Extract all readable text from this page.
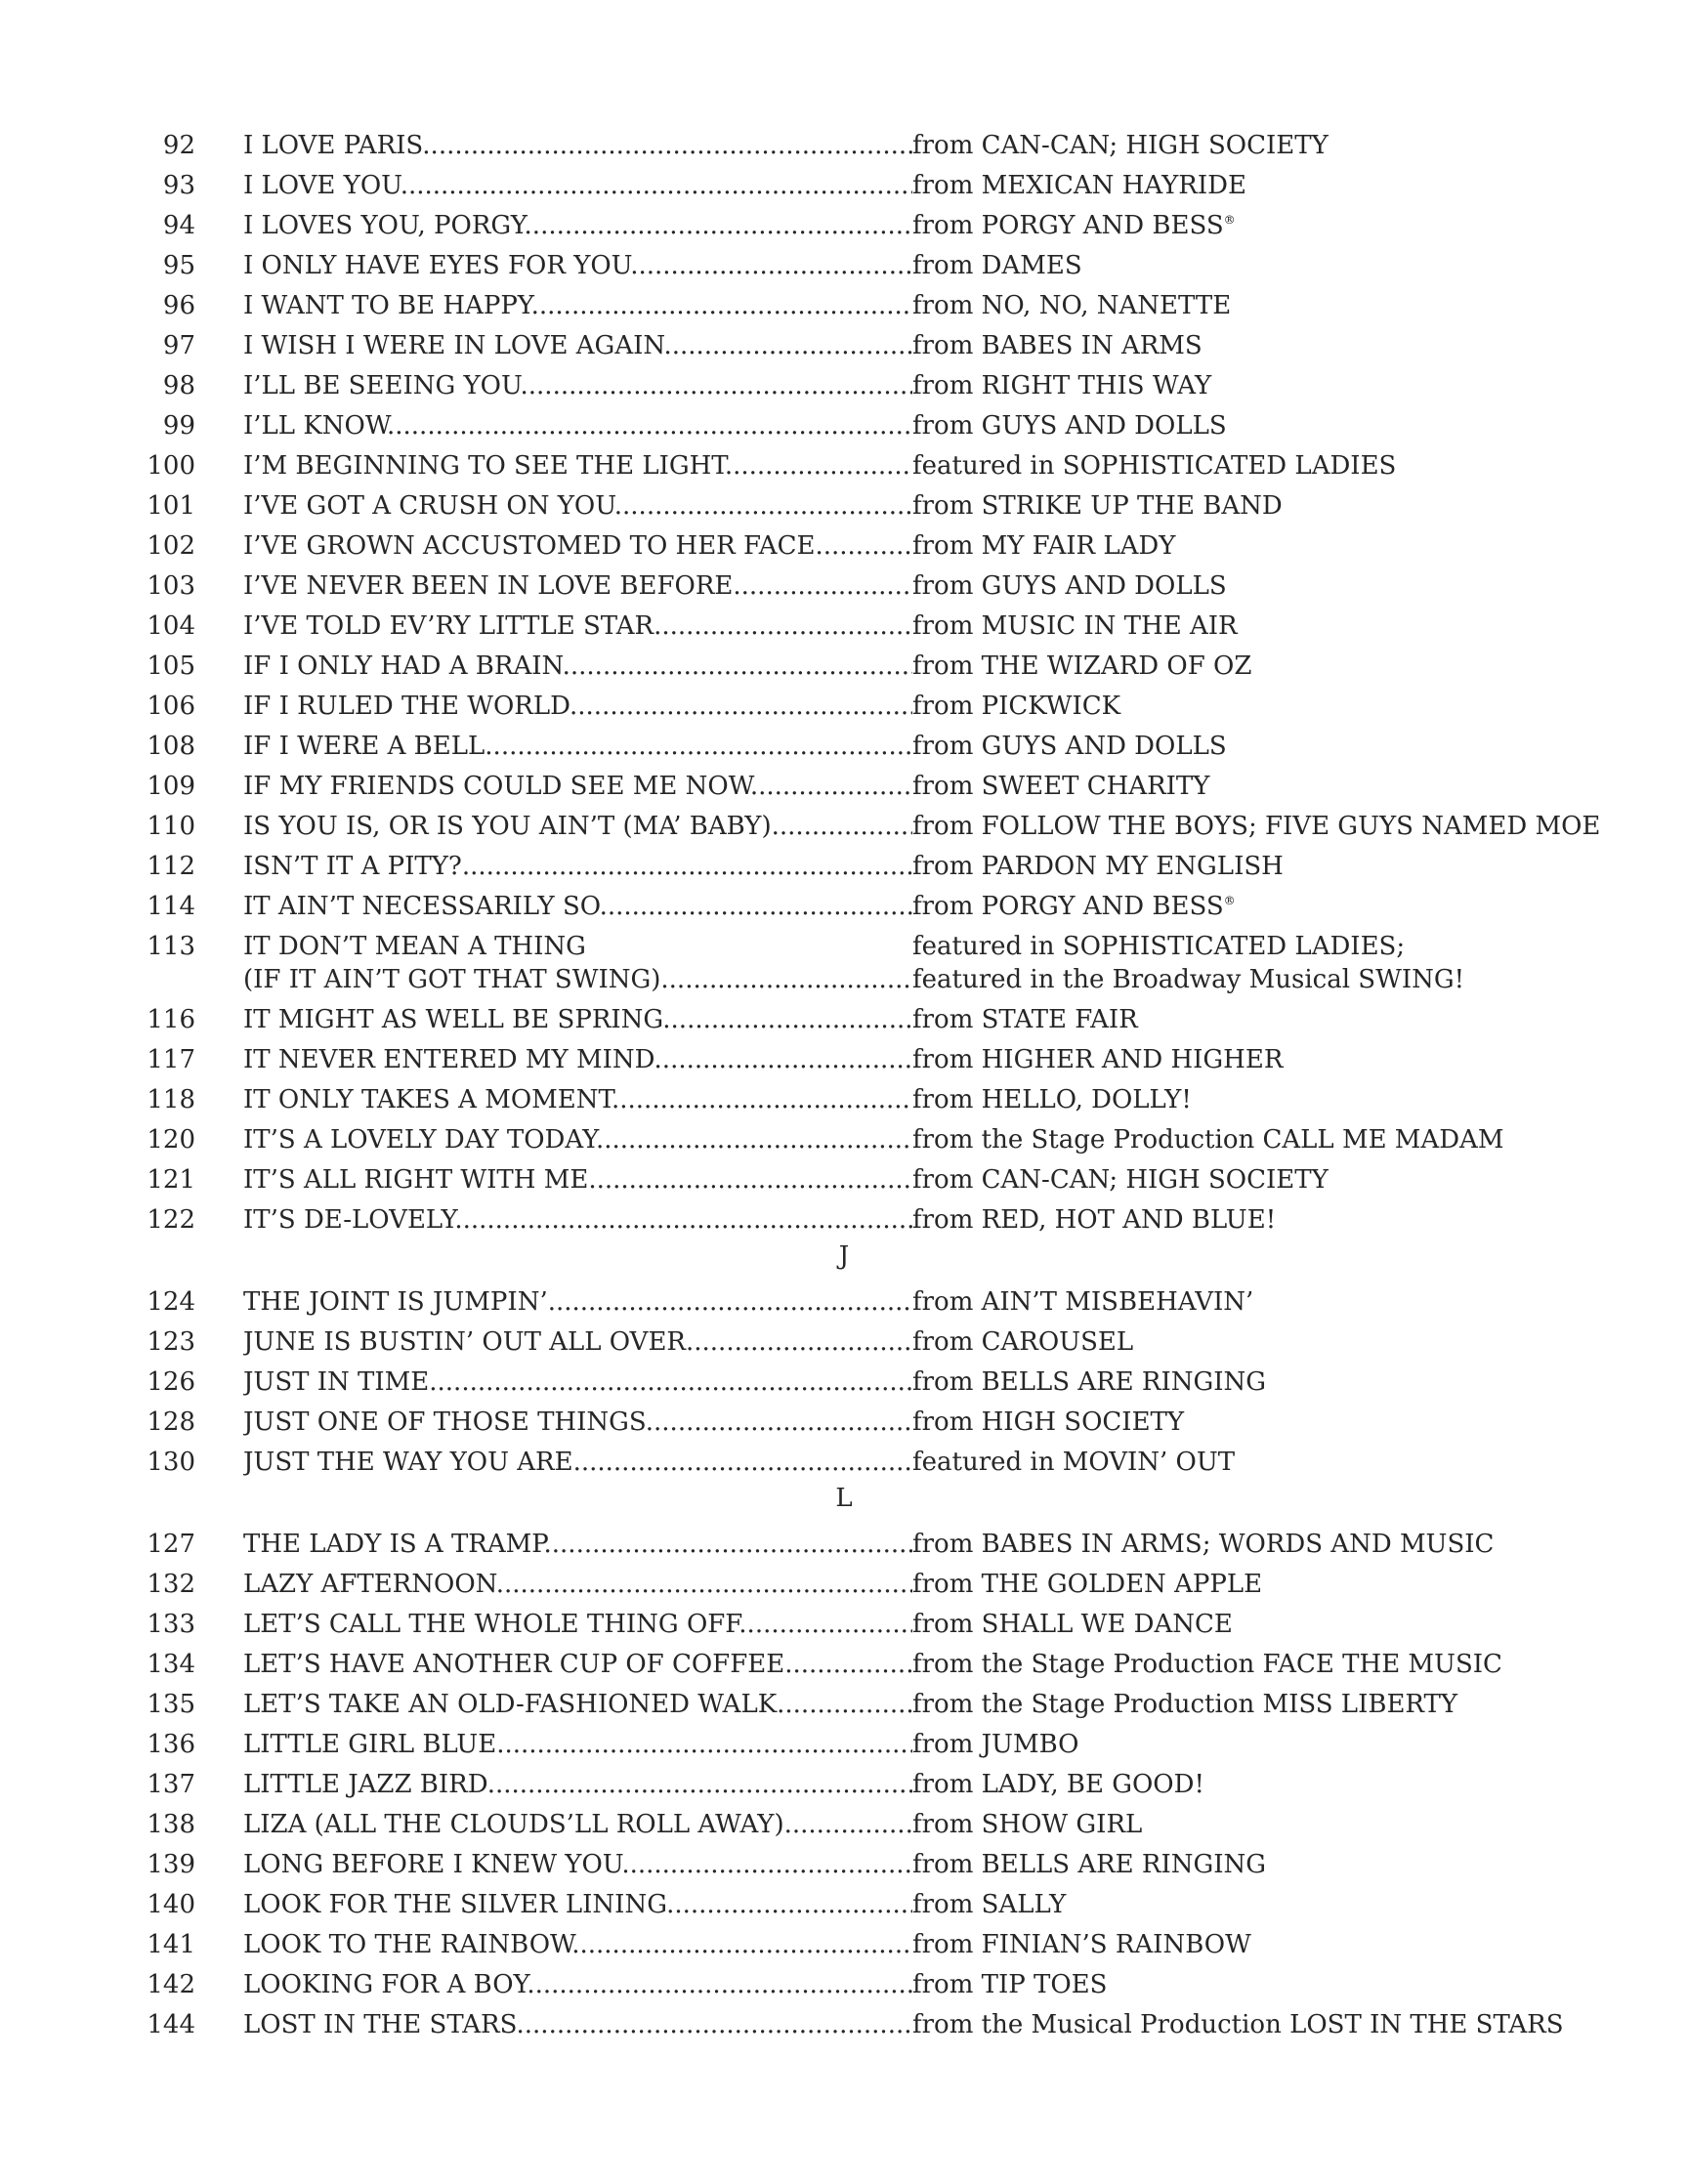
92 I LOVE PARIS .....	from CAN-CAN; HIGH SOCIETY
93 I LOVE YOU .....	from MEXICAN HAYRIDE
94 I LOVES YOU, PORGY .....	from PORGY AND BESS®
95 I ONLY HAVE EYES FOR YOU .....	from DAMES
96 I WANT TO BE HAPPY .....	from NO, NO, NANETTE
97 I WISH I WERE IN LOVE AGAIN .....	from BABES IN ARMS
98 I’LL BE SEEING YOU .....	from RIGHT THIS WAY
99 I’LL KNOW .....	from GUYS AND DOLLS
100 I’M BEGINNING TO SEE THE LIGHT .....	featured in SOPHISTICATED LADIES
101 I’VE GOT A CRUSH ON YOU .....	from STRIKE UP THE BAND
102 I’VE GROWN ACCUSTOMED TO HER FACE .....	from MY FAIR LADY
103 I’VE NEVER BEEN IN LOVE BEFORE .....	from GUYS AND DOLLS
104 I’VE TOLD EV’RY LITTLE STAR .....	from MUSIC IN THE AIR
105 IF I ONLY HAD A BRAIN .....	from THE WIZARD OF OZ
106 IF I RULED THE WORLD .....	from PICKWICK
108 IF I WERE A BELL .....	from GUYS AND DOLLS
109 IF MY FRIENDS COULD SEE ME NOW .....	from SWEET CHARITY
110 IS YOU IS, OR IS YOU AIN’T (MA’ BABY) .....	from FOLLOW THE BOYS; FIVE GUYS NAMED MOE
112 ISN’T IT A PITY? .....	from PARDON MY ENGLISH
114 IT AIN’T NECESSARILY SO .....	from PORGY AND BESS®
113 IT DON’T MEAN A THING	featured in SOPHISTICATED LADIES;
(IF IT AIN’T GOT THAT SWING) .....	featured in the Broadway Musical SWING!
116 IT MIGHT AS WELL BE SPRING .....	from STATE FAIR
117 IT NEVER ENTERED MY MIND .....	from HIGHER AND HIGHER
118 IT ONLY TAKES A MOMENT .....	from HELLO, DOLLY!
120 IT’S A LOVELY DAY TODAY .....	from the Stage Production CALL ME MADAM
121 IT’S ALL RIGHT WITH ME .....	from CAN-CAN; HIGH SOCIETY
122 IT’S DE-LOVELY .....	from RED, HOT AND BLUE!
J
124 THE JOINT IS JUMPIN’ .....	from AIN’T MISBEHAVIN’
123 JUNE IS BUSTIN’ OUT ALL OVER .....	from CAROUSEL
126 JUST IN TIME .....	from BELLS ARE RINGING
128 JUST ONE OF THOSE THINGS .....	from HIGH SOCIETY
130 JUST THE WAY YOU ARE .....	featured in MOVIN’ OUT
L
127 THE LADY IS A TRAMP .....	from BABES IN ARMS; WORDS AND MUSIC
132 LAZY AFTERNOON .....	from THE GOLDEN APPLE
133 LET’S CALL THE WHOLE THING OFF .....	from SHALL WE DANCE
134 LET’S HAVE ANOTHER CUP OF COFFEE .....	from the Stage Production FACE THE MUSIC
135 LET’S TAKE AN OLD-FASHIONED WALK .....	from the Stage Production MISS LIBERTY
136 LITTLE GIRL BLUE .....	from JUMBO
137 LITTLE JAZZ BIRD .....	from LADY, BE GOOD!
138 LIZA (ALL THE CLOUDS’LL ROLL AWAY) .....	from SHOW GIRL
139 LONG BEFORE I KNEW YOU .....	from BELLS ARE RINGING
140 LOOK FOR THE SILVER LINING .....	from SALLY
141 LOOK TO THE RAINBOW .....	from FINIAN’S RAINBOW
142 LOOKING FOR A BOY .....	from TIP TOES
144 LOST IN THE STARS .....	from the Musical Production LOST IN THE STARS
